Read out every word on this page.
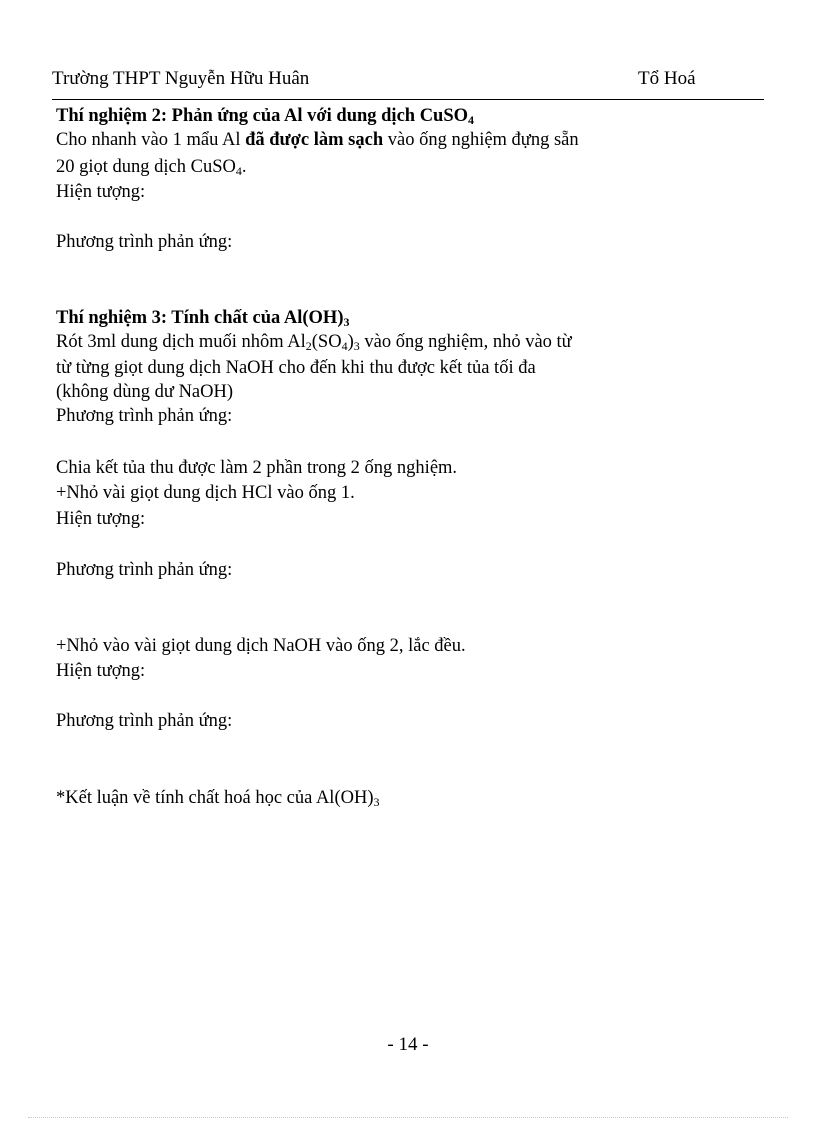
Trường THPT Nguyễn Hữu Huân	Tổ Hoá
Thí nghiệm 2: Phản ứng của Al với dung dịch CuSO$_4$
Cho nhanh vào 1 mẩu Al đã được làm sạch vào ống nghiệm đựng sẵn
20 giọt dung dịch CuSO$_4$.
Hiện tượng:
Phương trình phản ứng:
Thí nghiệm 3: Tính chất của $Al(OH)_3$
Rót 3ml dung dịch muối nhôm $Al_2(SO_4)_3$ vào ống nghiệm, nhỏ vào từ
từ từng giọt dung dịch NaOH cho đến khi thu được kết tủa tối đa
(không dùng dư NaOH)
Phương trình phản ứng:
Chia kết tủa thu được làm 2 phần trong 2 ống nghiệm.
+Nhỏ vài giọt dung dịch HCl vào ống 1.
Hiện tượng:
Phương trình phản ứng:
+Nhỏ vào vài giọt dung dịch NaOH vào ống 2, lắc đều.
Hiện tượng:
Phương trình phản ứng:
*Kết luận về tính chất hoá học của $Al(OH)_3$
- 14 -
